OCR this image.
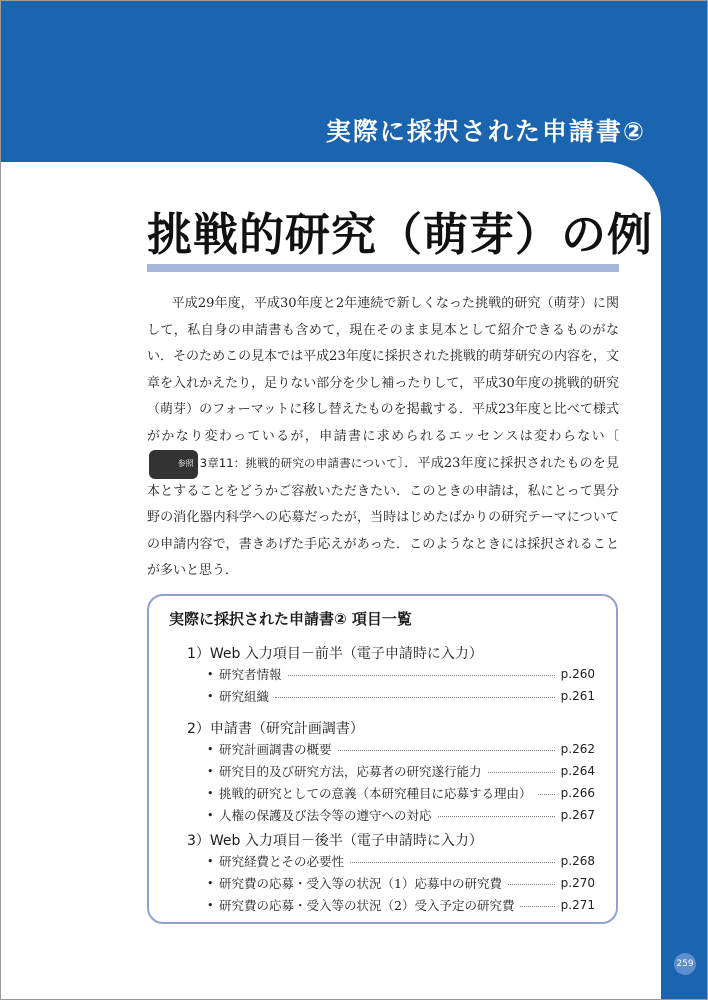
実際に採択された申請書②
挑戦的研究（萌芽）の例

平成29年度，平成30年度と2年連続で新しくなった挑戦的研究（萌芽）に関して，私自身の申請書も含めて，現在そのまま見本として紹介できるものがない．そのためこの見本では平成23年度に採択された挑戦的萌芽研究の内容を，文章を入れかえたり，足りない部分を少し補ったりして，平成30年度の挑戦的研究（萌芽）のフォーマットに移し替えたものを掲載する．平成23年度と比べて様式がかなり変わっているが，申請書に求められるエッセンスは変わらない〔参照 3章11：挑戦的研究の申請書について〕．平成23年度に採択されたものを見本とすることをどうかご容赦いただきたい．このときの申請は，私にとって異分野の消化器内科学への応募だったが，当時はじめたばかりの研究テーマについての申請内容で，書きあげた手応えがあった．このようなときには採択されることが多いと思う．

実際に採択された申請書② 項目一覧
1）Web 入力項目－前半（電子申請時に入力）
• 研究者情報	p.260
• 研究組織	p.261
2）申請書（研究計画調書）
• 研究計画調書の概要	p.262
• 研究目的及び研究方法，応募者の研究遂行能力	p.264
• 挑戦的研究としての意義（本研究種目に応募する理由） p.266
• 人権の保護及び法令等の遵守への対応	p.267
3）Web 入力項目－後半（電子申請時に入力）
• 研究経費とその必要性	p.268
• 研究費の応募・受入等の状況（1）応募中の研究費	p.270
• 研究費の応募・受入等の状況（2）受入予定の研究費	p.271
259
